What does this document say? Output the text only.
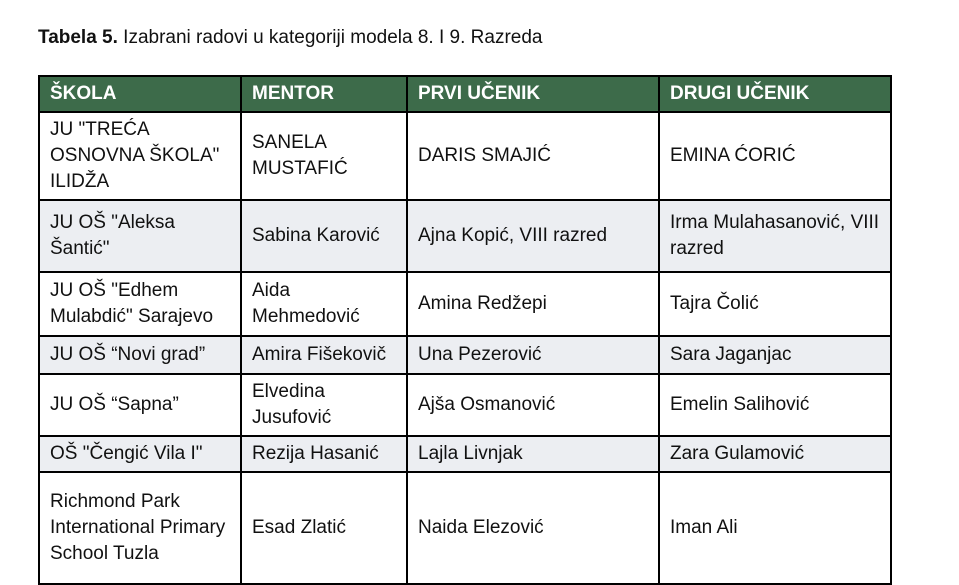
Tabela 5. Izabrani radovi u kategoriji modela 8. I 9. Razreda
ŠKOLA	MENTOR	PRVI UČENIK	DRUGI UČENIK
JU "TREĆA OSNOVNA ŠKOLA" ILIDŽA	SANELA MUSTAFIĆ	DARIS SMAJIĆ	EMINA ĆORIĆ
JU OŠ "Aleksa Šantić"	Sabina Karović	Ajna Kopić, VIII razred	Irma Mulahasanović, VIII razred
JU OŠ "Edhem Mulabdić" Sarajevo	Aida Mehmedović	Amina Redžepi	Tajra Čolić
JU OŠ “Novi grad”	Amira Fišekovič	Una Pezerović	Sara Jaganjac
JU OŠ “Sapna”	Elvedina Jusufović	Ajša Osmanović	Emelin Salihović
OŠ "Čengić Vila I"	Rezija Hasanić	Lajla Livnjak	Zara Gulamović
Richmond Park International Primary School Tuzla	Esad Zlatić	Naida Elezović	Iman Ali
